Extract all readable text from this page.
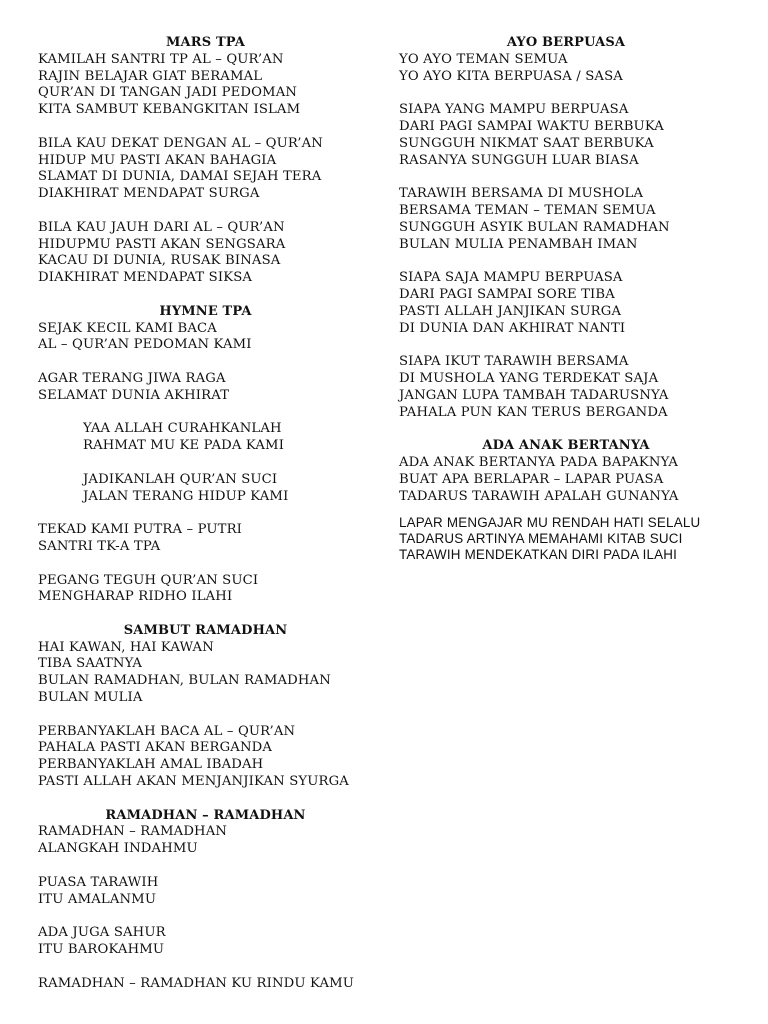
MARS TPA
KAMILAH SANTRI TP AL – QUR’AN
RAJIN BELAJAR GIAT BERAMAL
QUR’AN DI TANGAN JADI PEDOMAN
KITA SAMBUT KEBANGKITAN ISLAM
BILA KAU DEKAT DENGAN AL – QUR’AN
HIDUP MU PASTI AKAN BAHAGIA
SLAMAT DI DUNIA, DAMAI SEJAH TERA
DIAKHIRAT MENDAPAT SURGA
BILA KAU JAUH DARI AL – QUR’AN
HIDUPMU PASTI AKAN SENGSARA
KACAU DI DUNIA, RUSAK BINASA
DIAKHIRAT MENDAPAT SIKSA
HYMNE TPA
SEJAK KECIL KAMI BACA
AL – QUR’AN PEDOMAN KAMI
AGAR TERANG JIWA RAGA
SELAMAT DUNIA AKHIRAT
YAA ALLAH CURAHKANLAH
RAHMAT MU KE PADA KAMI
JADIKANLAH QUR’AN SUCI
JALAN TERANG HIDUP KAMI
TEKAD KAMI PUTRA – PUTRI
SANTRI TK-A TPA
PEGANG TEGUH QUR’AN SUCI
MENGHARAP RIDHO ILAHI
SAMBUT RAMADHAN
HAI KAWAN, HAI KAWAN
TIBA SAATNYA
BULAN RAMADHAN, BULAN RAMADHAN
BULAN MULIA
PERBANYAKLAH BACA AL – QUR’AN
PAHALA PASTI AKAN BERGANDA
PERBANYAKLAH AMAL IBADAH
PASTI ALLAH AKAN MENJANJIKAN SYURGA
RAMADHAN – RAMADHAN
RAMADHAN – RAMADHAN
ALANGKAH INDAHMU
PUASA TARAWIH
ITU AMALANMU
ADA JUGA SAHUR
ITU BAROKAHMU
RAMADHAN – RAMADHAN KU RINDU KAMU
AYO BERPUASA
YO AYO TEMAN SEMUA
YO AYO KITA BERPUASA / SASA
SIAPA YANG MAMPU BERPUASA
DARI PAGI SAMPAI WAKTU BERBUKA
SUNGGUH NIKMAT SAAT BERBUKA
RASANYA SUNGGUH LUAR BIASA
TARAWIH BERSAMA DI MUSHOLA
BERSAMA TEMAN – TEMAN SEMUA
SUNGGUH ASYIK BULAN RAMADHAN
BULAN MULIA PENAMBAH IMAN
SIAPA SAJA MAMPU BERPUASA
DARI PAGI SAMPAI SORE TIBA
PASTI ALLAH JANJIKAN SURGA
DI DUNIA DAN AKHIRAT NANTI
SIAPA IKUT TARAWIH BERSAMA
DI MUSHOLA YANG TERDEKAT SAJA
JANGAN LUPA TAMBAH TADARUSNYA
PAHALA PUN KAN TERUS BERGANDA
ADA ANAK BERTANYA
ADA ANAK BERTANYA PADA BAPAKNYA
BUAT APA BERLAPAR – LAPAR PUASA
TADARUS TARAWIH APALAH GUNANYA
LAPAR MENGAJAR MU RENDAH HATI SELALU
TADARUS ARTINYA MEMAHAMI KITAB SUCI
TARAWIH MENDEKATKAN DIRI PADA ILAHI
